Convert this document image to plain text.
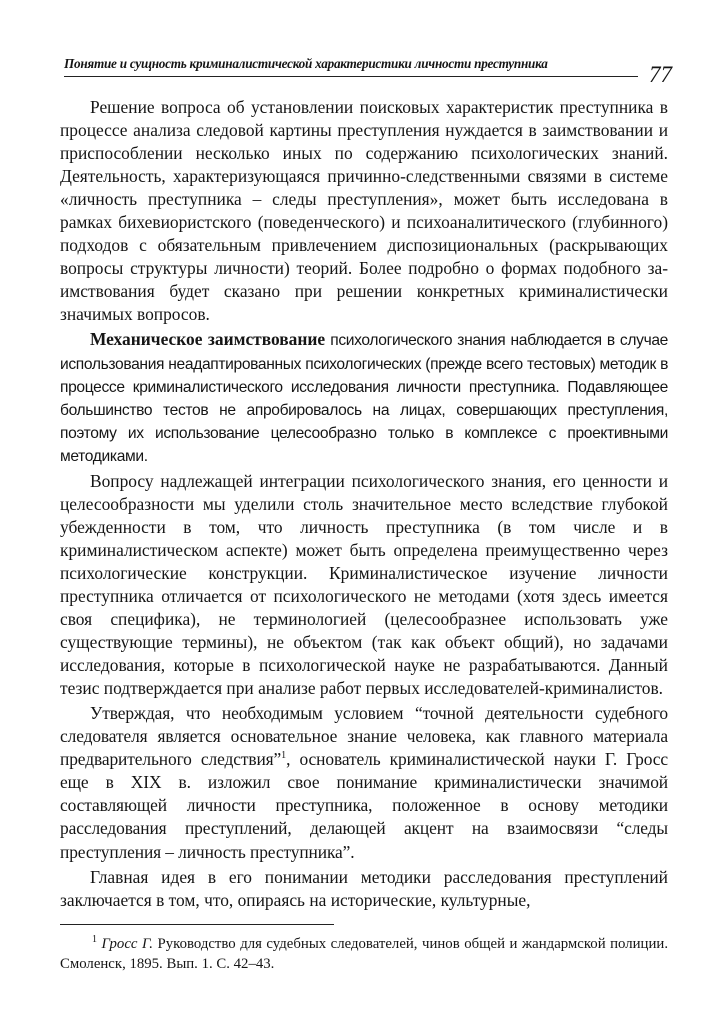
Понятие и сущность криминалистической характеристики личности преступника	77

Решение вопроса об установлении поисковых характеристик преступника в процессе анализа следовой картины преступления нуждается в заимствовании и приспособлении несколько иных по содержанию психологических знаний. Деятельность, характеризующаяся причинно-следственными связями в системе «личность преступника – следы преступления», может быть исследована в рамках бихевиористского (поведенческого) и психоаналитического (глубинного) подходов с обязательным привлечением диспозициональных (раскрывающих вопросы структуры личности) теорий. Более подробно о формах подобного заимствования будет сказано при решении конкретных криминалистически значимых вопросов.

Механическое заимствование психологического знания наблюдается в случае использования неадаптированных психологических (прежде всего тестовых) методик в процессе криминалистического исследования личности преступника. Подавляющее большинство тестов не апробировалось на лицах, совершающих преступления, поэтому их использование целесообразно только в комплексе с проективными методиками.

Вопросу надлежащей интеграции психологического знания, его ценности и целесообразности мы уделили столь значительное место вследствие глубокой убежденности в том, что личность преступника (в том числе и в криминалистическом аспекте) может быть определена преимущественно через психологические конструкции. Криминалистическое изучение личности преступника отличается от психологического не методами (хотя здесь имеется своя специфика), не терминологией (целесообразнее использовать уже существующие термины), не объектом (так как объект общий), но задачами исследования, которые в психологической науке не разрабатываются. Данный тезис подтверждается при анализе работ первых исследователей-криминалистов.

Утверждая, что необходимым условием “точной деятельности судебного следователя является основательное знание человека, как главного материала предварительного следствия”$^1$, основатель криминалистической науки Г. Гросс еще в XIX в. изложил свое понимание криминалистически значимой составляющей личности преступника, положенное в основу методики расследования преступлений, делающей акцент на взаимосвязи “следы преступления – личность преступника”.

Главная идея в его понимании методики расследования преступлений заключается в том, что, опираясь на исторические, культурные,

$^1$ Гросс Г. Руководство для судебных следователей, чинов общей и жандармской полиции. Смоленск, 1895. Вып. 1. С. 42–43.
